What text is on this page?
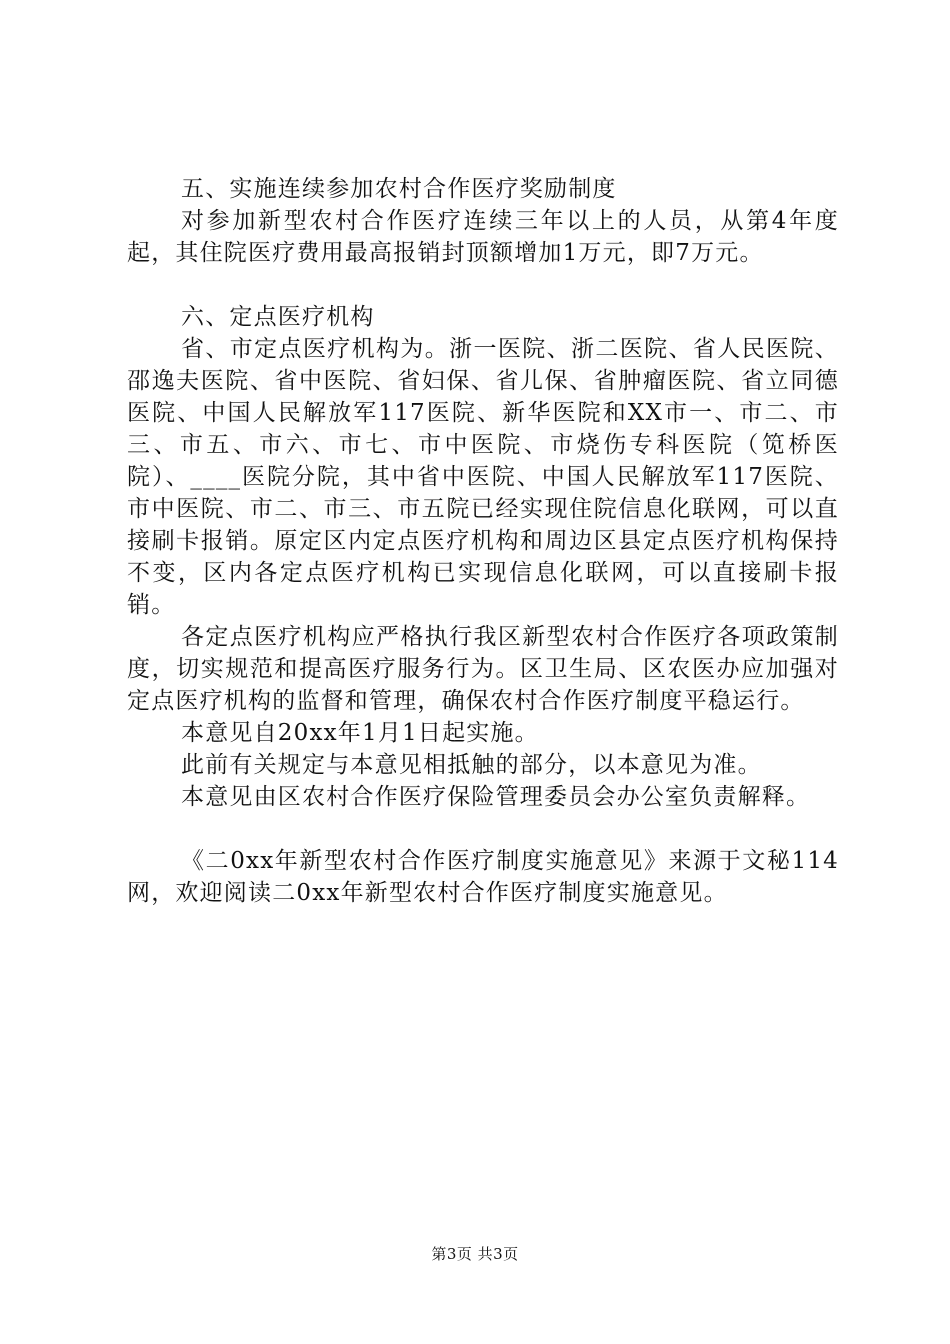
五、实施连续参加农村合作医疗奖励制度

对参加新型农村合作医疗连续三年以上的人员，从第4年度起，其住院医疗费用最高报销封顶额增加1万元，即7万元。

六、定点医疗机构

省、市定点医疗机构为。浙一医院、浙二医院、省人民医院、邵逸夫医院、省中医院、省妇保、省儿保、省肿瘤医院、省立同德医院、中国人民解放军117医院、新华医院和XX市一、市二、市三、市五、市六、市七、市中医院、市烧伤专科医院（笕桥医院）、____医院分院，其中省中医院、中国人民解放军117医院、市中医院、市二、市三、市五院已经实现住院信息化联网，可以直接刷卡报销。原定区内定点医疗机构和周边区县定点医疗机构保持不变，区内各定点医疗机构已实现信息化联网，可以直接刷卡报销。

各定点医疗机构应严格执行我区新型农村合作医疗各项政策制度，切实规范和提高医疗服务行为。区卫生局、区农医办应加强对定点医疗机构的监督和管理，确保农村合作医疗制度平稳运行。

本意见自20xx年1月1日起实施。

此前有关规定与本意见相抵触的部分，以本意见为准。

本意见由区农村合作医疗保险管理委员会办公室负责解释。

《二0xx年新型农村合作医疗制度实施意见》来源于文秘114网，欢迎阅读二0xx年新型农村合作医疗制度实施意见。

第3页 共3页
